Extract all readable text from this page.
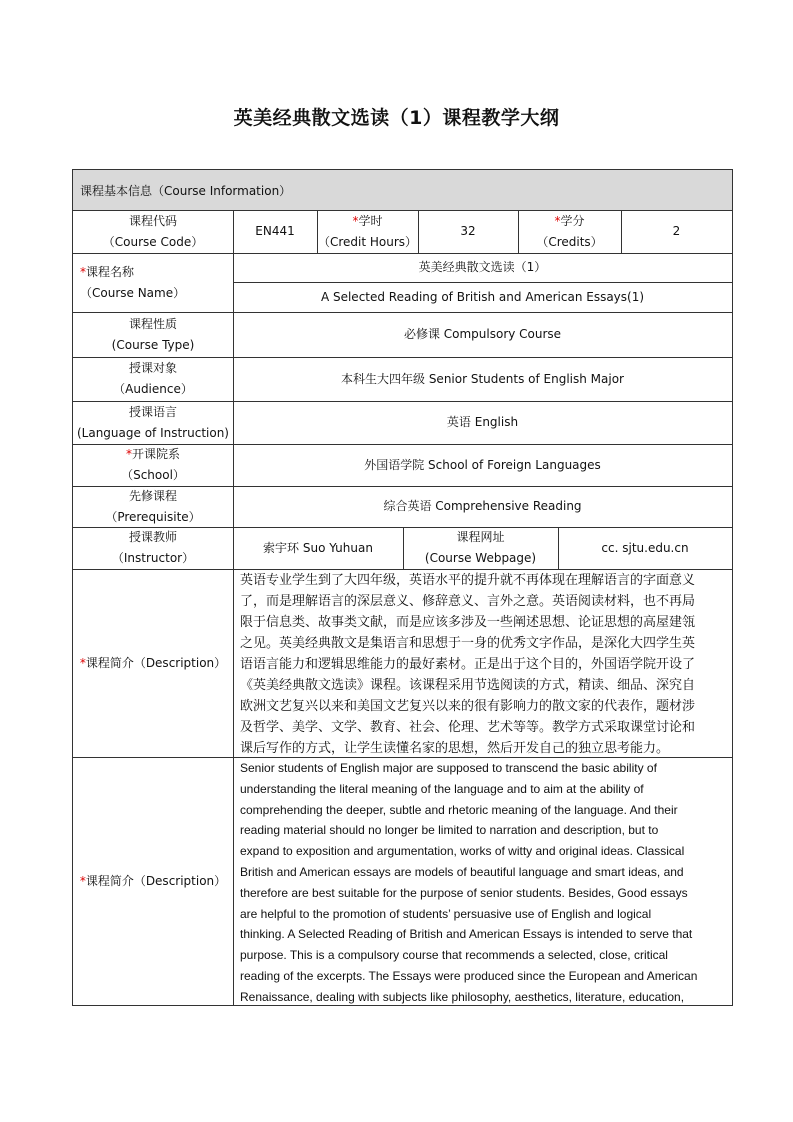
英美经典散文选读（1）课程教学大纲
课程基本信息（Course Information）
课程代码
（Course Code）
EN441
*学时
（Credit Hours）
32
*学分
（Credits）
2
*课程名称
（Course Name）
英美经典散文选读（1）
A Selected Reading of British and American Essays(1)
课程性质
(Course Type)
必修课 Compulsory Course
授课对象
（Audience）
本科生大四年级 Senior Students of English Major
授课语言
(Language of Instruction)
英语 English
*开课院系
（School）
外国语学院 School of Foreign Languages
先修课程
（Prerequisite）
综合英语 Comprehensive Reading
授课教师
（Instructor）
索宇环 Suo Yuhuan
课程网址
(Course Webpage)
cc. sjtu.edu.cn
*课程简介（Description）
*课程简介（Description）
英语专业学生到了大四年级，英语水平的提升就不再体现在理解语言的字面意义
了，而是理解语言的深层意义、修辞意义、言外之意。英语阅读材料，也不再局
限于信息类、故事类文献，而是应该多涉及一些阐述思想、论证思想的高屋建瓴
之见。英美经典散文是集语言和思想于一身的优秀文字作品，是深化大四学生英
语语言能力和逻辑思维能力的最好素材。正是出于这个目的，外国语学院开设了
《英美经典散文选读》课程。该课程采用节选阅读的方式，精读、细品、深究自
欧洲文艺复兴以来和美国文艺复兴以来的很有影响力的散文家的代表作，题材涉
及哲学、美学、文学、教育、社会、伦理、艺术等等。教学方式采取课堂讨论和
课后写作的方式，让学生读懂名家的思想，然后开发自己的独立思考能力。
Senior students of English major are supposed to transcend the basic ability of
understanding the literal meaning of the language and to aim at the ability of
comprehending the deeper, subtle and rhetoric meaning of the language. And their
reading material should no longer be limited to narration and description, but to
expand to exposition and argumentation, works of witty and original ideas. Classical
British and American essays are models of beautiful language and smart ideas, and
therefore are best suitable for the purpose of senior students. Besides, Good essays
are helpful to the promotion of students’ persuasive use of English and logical
thinking. A Selected Reading of British and American Essays is intended to serve that
purpose. This is a compulsory course that recommends a selected, close, critical
reading of the excerpts. The Essays were produced since the European and American
Renaissance, dealing with subjects like philosophy, aesthetics, literature, education,
